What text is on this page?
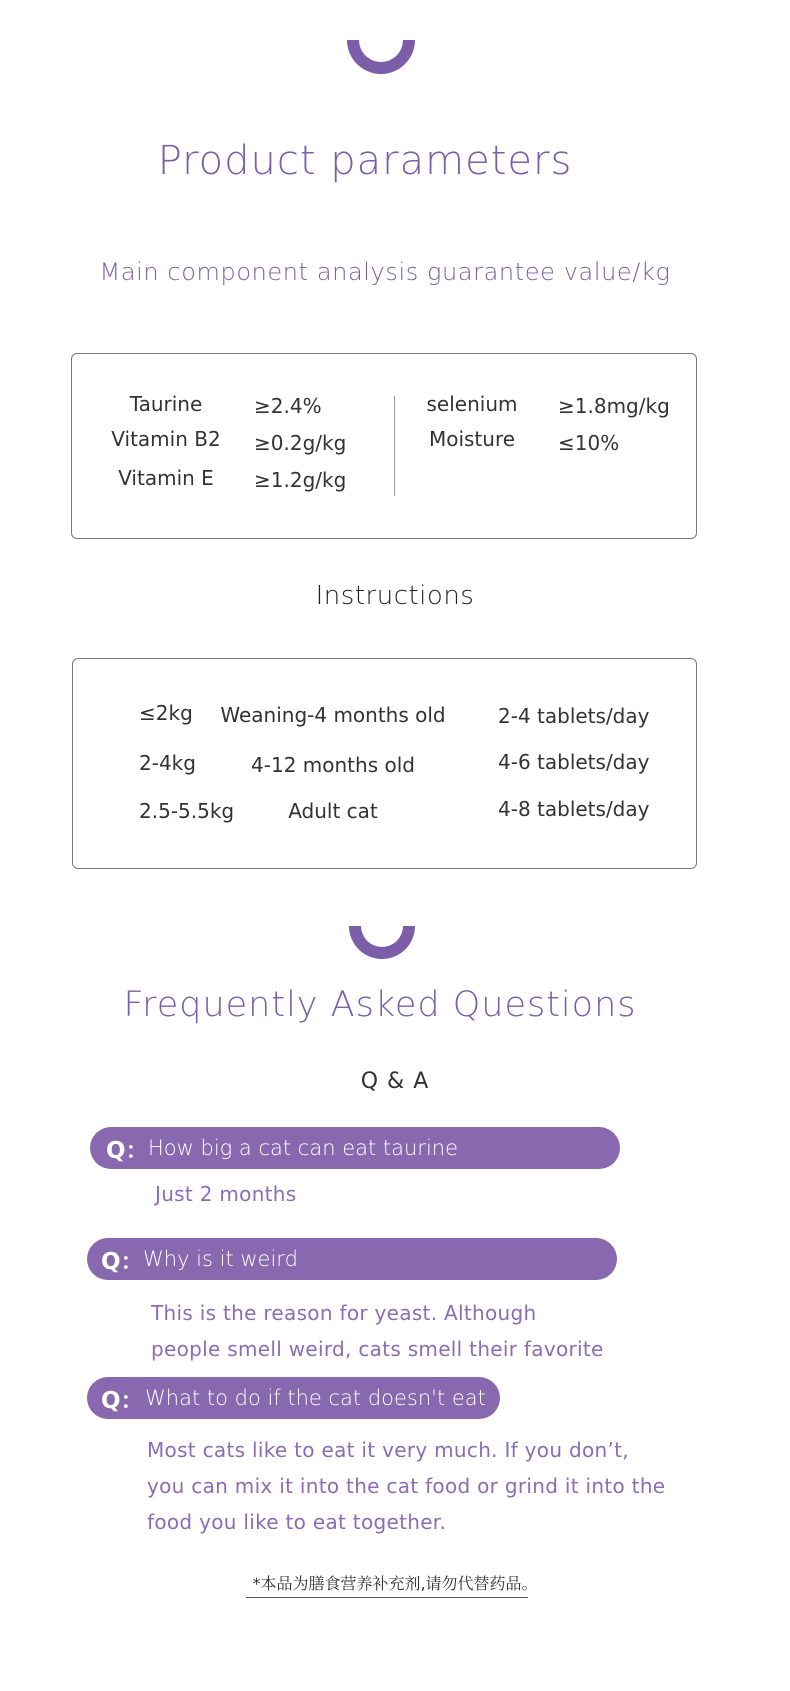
Product parameters
Main component analysis guarantee value/kg
Taurine	≥2.4%
Vitamin B2	≥0.2g/kg
Vitamin E	≥1.2g/kg
selenium	≥1.8mg/kg
Moisture	≤10%
Instructions
≤2kg	Weaning-4 months old	2-4 tablets/day
2-4kg	4-12 months old	4-6 tablets/day
2.5-5.5kg	Adult cat	4-8 tablets/day
Frequently Asked Questions
Q & A
Q： How big a cat can eat taurine
Just 2 months
Q： Why is it weird
This is the reason for yeast. Although
people smell weird, cats smell their favorite
Q： What to do if the cat doesn't eat
Most cats like to eat it very much. If you don’t,
you can mix it into the cat food or grind it into the
food you like to eat together.
*本品为膳食营养补充剂,请勿代替药品。
